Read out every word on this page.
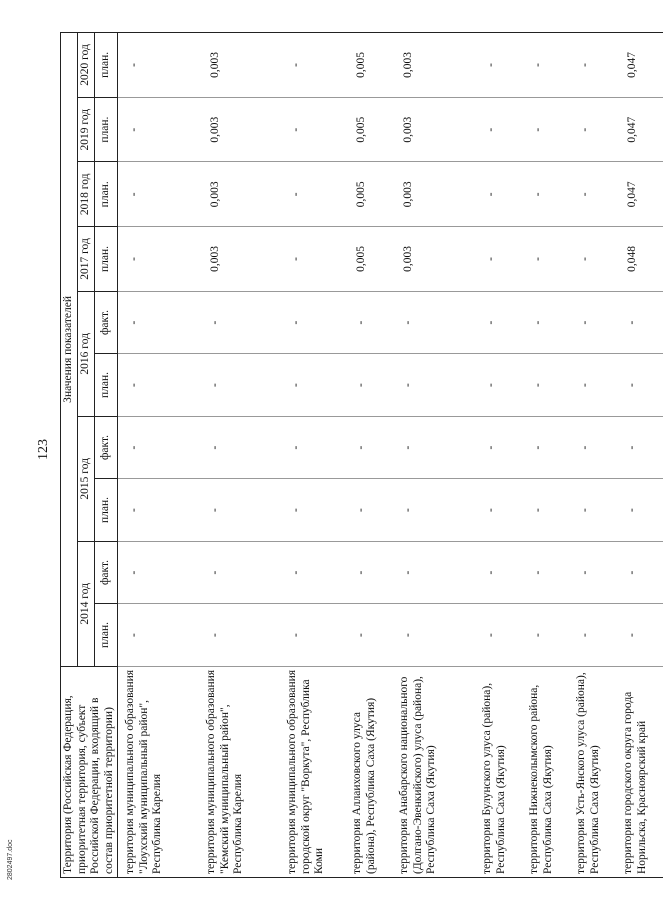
123
Территория (Российская Федерация, приоритетная территория, субъект Российской Федерации, входящий в состав приоритетной территории)	Значения показателей									
	2014 год		2015 год		2016 год		2017 год	2018 год	2019 год	2020 год
	план.	факт.	план.	факт.	план.	факт.	план.	план.	план.	план.
территория муниципального образования "Лоухский муниципальный район", Республика Карелия	-	-	-	-	-	-	-	-	-	-
территория муниципального образования "Кемский муниципальный район", Республика Карелия	-	-	-	-	-	-	0,003	0,003	0,003	0,003
территория муниципального образования городской округ "Воркута", Республика Коми	-	-	-	-	-	-	-	-	-	-
территория Аллаиховского улуса (района), Республика Саха (Якутия)	-	-	-	-	-	-	0,005	0,005	0,005	0,005
территория Анабарского национального (Долгано-Эвенкийского) улуса (района), Республика Саха (Якутия)	-	-	-	-	-	-	0,003	0,003	0,003	0,003
территория Булунского улуса (района), Республика Саха (Якутия)	-	-	-	-	-	-	-	-	-	-
территория Нижнеколымского района, Республика Саха (Якутия)	-	-	-	-	-	-	-	-	-	-
территория Усть-Янского улуса (района), Республика Саха (Якутия)	-	-	-	-	-	-	-	-	-	-
территория городского округа города Норильска, Красноярский край	-	-	-	-	-	-	0,048	0,047	0,047	0,047
2802497.doc
